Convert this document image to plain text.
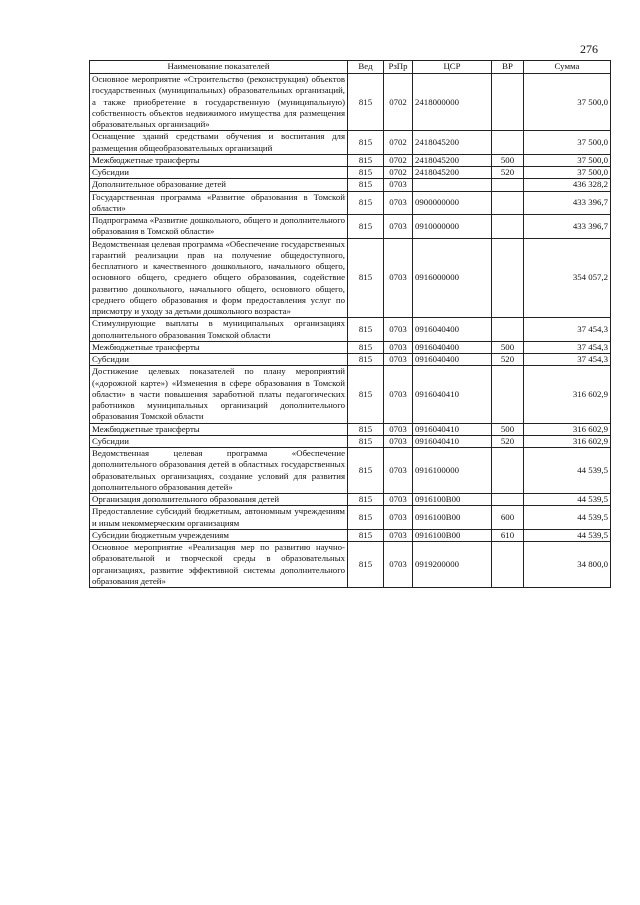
276
Наименование показателей	Вед	РзПр	ЦСР	ВР	Сумма
Основное мероприятие «Строительство (реконструкция) объектов государственных (муниципальных) образовательных организаций, а также приобретение в государственную (муниципальную) собственность объектов недвижимого имущества для размещения образовательных организаций»	815	0702	2418000000		37 500,0
Оснащение зданий средствами обучения и воспитания для размещения общеобразовательных организаций	815	0702	2418045200		37 500,0
Межбюджетные трансферты	815	0702	2418045200	500	37 500,0
Субсидии	815	0702	2418045200	520	37 500,0
Дополнительное образование детей	815	0703			436 328,2
Государственная программа «Развитие образования в Томской области»	815	0703	0900000000		433 396,7
Подпрограмма «Развитие дошкольного, общего и дополнительного образования в Томской области»	815	0703	0910000000		433 396,7
Ведомственная целевая программа «Обеспечение государственных гарантий реализации прав на получение общедоступного, бесплатного и качественного дошкольного, начального общего, основного общего, среднего общего образования, содействие развитию дошкольного, начального общего, основного общего, среднего общего образования и форм предоставления услуг по присмотру и уходу за детьми дошкольного возраста»	815	0703	0916000000		354 057,2
Стимулирующие выплаты в муниципальных организациях дополнительного образования Томской области	815	0703	0916040400		37 454,3
Межбюджетные трансферты	815	0703	0916040400	500	37 454,3
Субсидии	815	0703	0916040400	520	37 454,3
Достижение целевых показателей по плану мероприятий («дорожной карте») «Изменения в сфере образования в Томской области» в части повышения заработной платы педагогических работников муниципальных организаций дополнительного образования Томской области	815	0703	0916040410		316 602,9
Межбюджетные трансферты	815	0703	0916040410	500	316 602,9
Субсидии	815	0703	0916040410	520	316 602,9
Ведомственная целевая программа «Обеспечение дополнительного образования детей в областных государственных образовательных организациях, создание условий для развития дополнительного образования детей»	815	0703	0916100000		44 539,5
Организация дополнительного образования детей	815	0703	0916100В00		44 539,5
Предоставление субсидий бюджетным, автономным учреждениям и иным некоммерческим организациям	815	0703	0916100В00	600	44 539,5
Субсидии бюджетным учреждениям	815	0703	0916100В00	610	44 539,5
Основное мероприятие «Реализация мер по развитию научно-образовательной и творческой среды в образовательных организациях, развитие эффективной системы дополнительного образования детей»	815	0703	0919200000		34 800,0
